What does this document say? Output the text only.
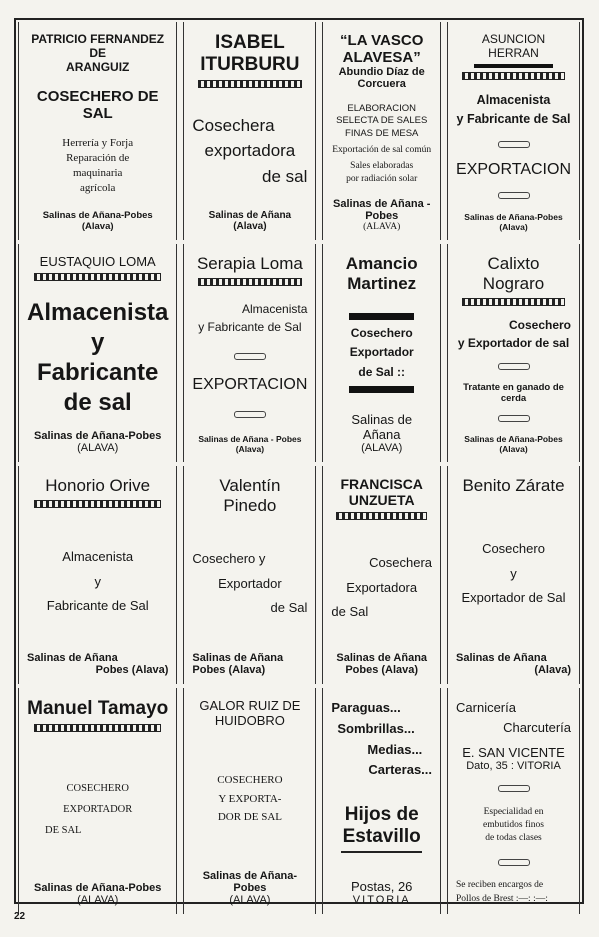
PATRICIO FERNANDEZ DE
ARANGUIZ
COSECHERO DE SAL
Herrería y Forja
Reparación de
maquinaria
agrícola
Salinas de Añana-Pobes (Alava)
ISABEL ITURBURU
Cosechera
exportadora
de sal
Salinas de Añana (Alava)
“LA VASCO ALAVESA”
Abundio Díaz de Corcuera
ELABORACION
SELECTA DE SALES
FINAS DE MESA
Exportación de sal común
Sales elaboradas
por radiación solar
Salinas de Añana - Pobes
(ALAVA)
ASUNCION HERRAN
Almacenista
y Fabricante de Sal
EXPORTACION
Salinas de Añana-Pobes (Alava)
EUSTAQUIO LOMA
Almacenista y
Fabricante de sal
Salinas de Añana-Pobes
(ALAVA)
Serapia Loma
Almacenista
y Fabricante de Sal
EXPORTACION
Salinas de Añana - Pobes (Alava)
Amancio Martinez
Cosechero
Exportador
de Sal ::
Salinas de Añana
(ALAVA)
Calixto Nograro
Cosechero
y Exportador de sal
Tratante en ganado de cerda
Salinas de Añana-Pobes (Alava)
Honorio Orive
Almacenista
y
Fabricante de Sal
Salinas de Añana
Pobes (Alava)
Valentín Pinedo
Cosechero y
Exportador
de Sal
Salinas de Añana
Pobes (Alava)
FRANCISCA UNZUETA
Cosechera
Exportadora
de Sal
Salinas de Añana
Pobes (Alava)
Benito Zárate
Cosechero
y
Exportador de Sal
Salinas de Añana
(Alava)
Manuel Tamayo
COSECHERO
EXPORTADOR
DE SAL
Salinas de Añana-Pobes
(ALAVA)
GALOR RUIZ DE
HUIDOBRO
COSECHERO
Y EXPORTA-
DOR DE SAL
Salinas de Añana-Pobes
(ALAVA)
Paraguas...
Sombrillas...
Medias...
Carteras...
Hijos de Estavillo
Postas, 26
VITORIA
Carnicería
Charcutería
E. SAN VICENTE
Dato, 35 : VITORIA
Especialidad en
embutidos finos
de todas clases
Se reciben encargos de
Pollos de Brest :—: :—:
22
